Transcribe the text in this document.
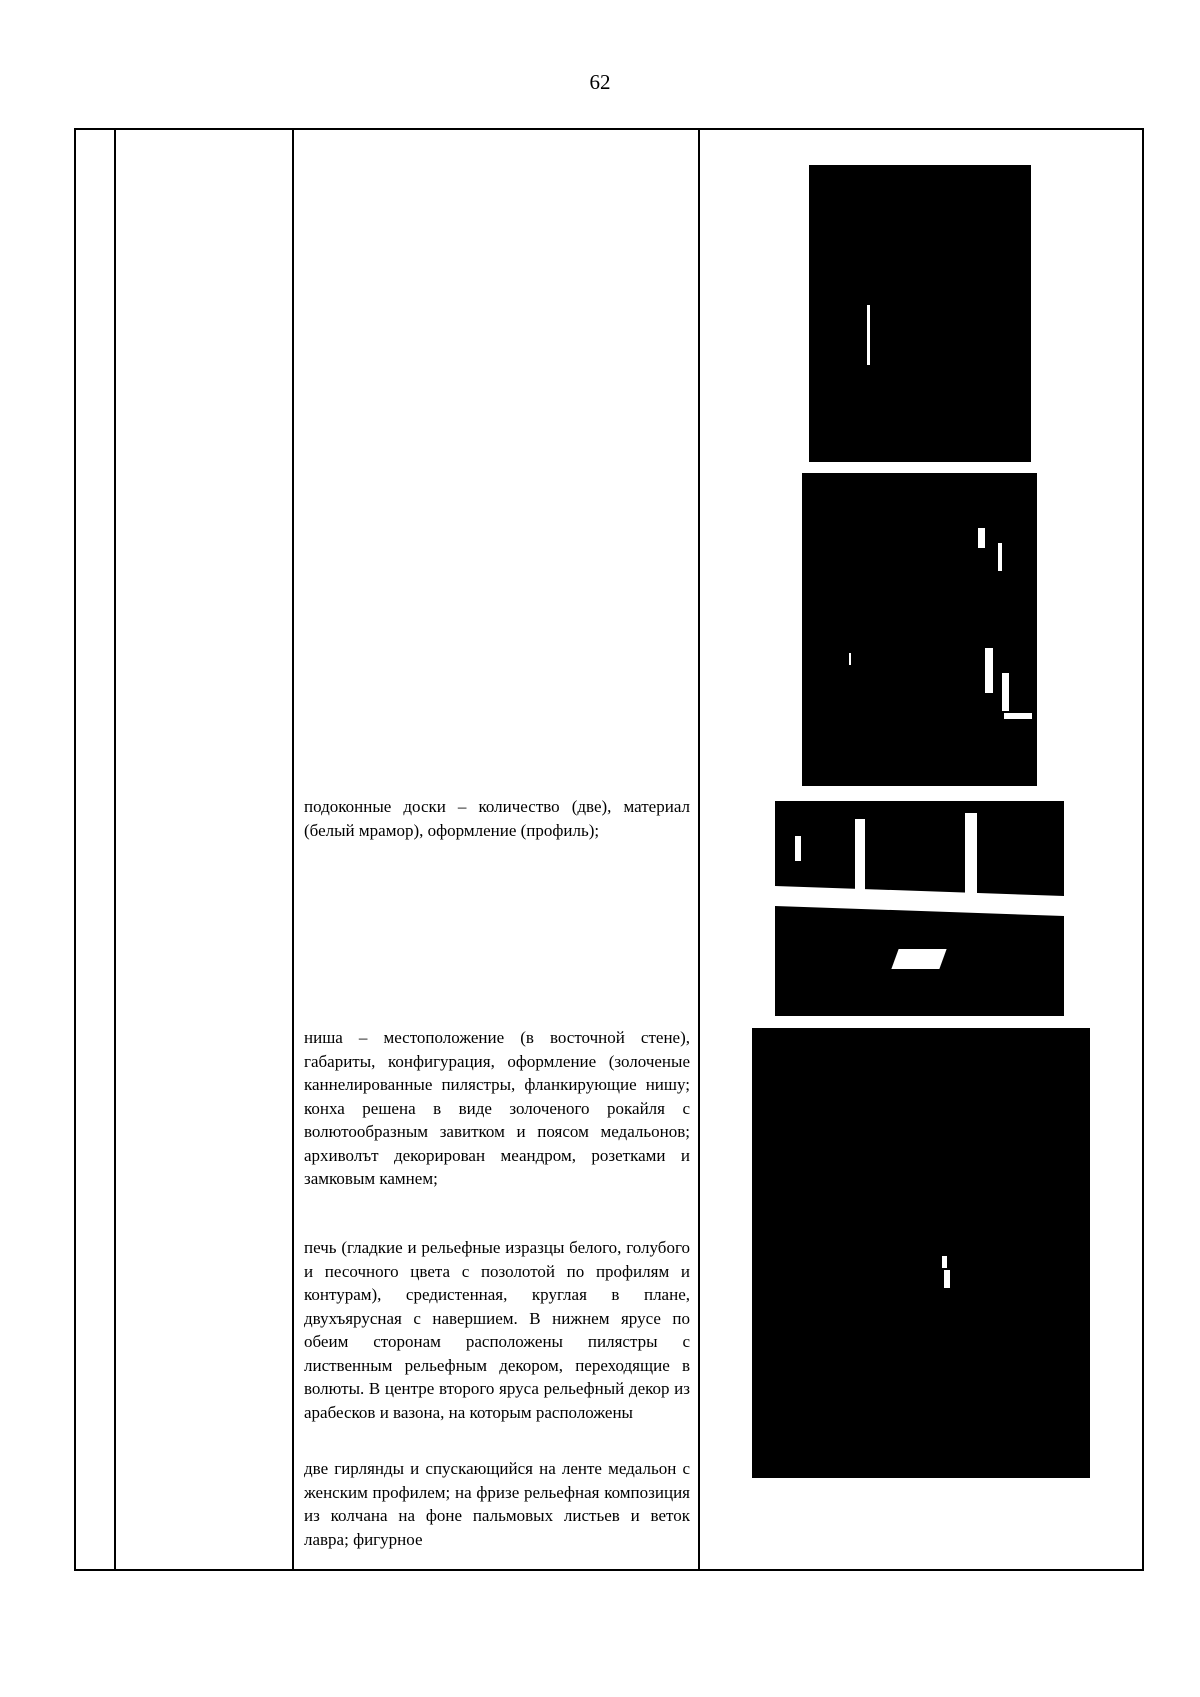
62

подоконные доски – количество (две), материал (белый мрамор), оформление (профиль);

ниша – местоположение (в восточной стене), габариты, конфигурация, оформление (золоченые каннелированные пилястры, фланкирующие нишу; конха решена в виде золоченого рокайля с волютообразным завитком и поясом медальонов; архиволът декорирован меандром, розетками и замковым камнем;

печь (гладкие и рельефные изразцы белого, голубого и песочного цвета с позолотой по профилям и контурам), средистенная, круглая в плане, двухъярусная с навершием. В нижнем ярусе по обеим сторонам расположены пилястры с лиственным рельефным декором, переходящие в волюты. В центре второго яруса рельефный декор из арабесков и вазона, на которым расположены

две гирлянды и спускающийся на ленте медальон с женским профилем; на фризе рельефная композиция из колчана на фоне пальмовых листьев и веток лавра; фигурное
